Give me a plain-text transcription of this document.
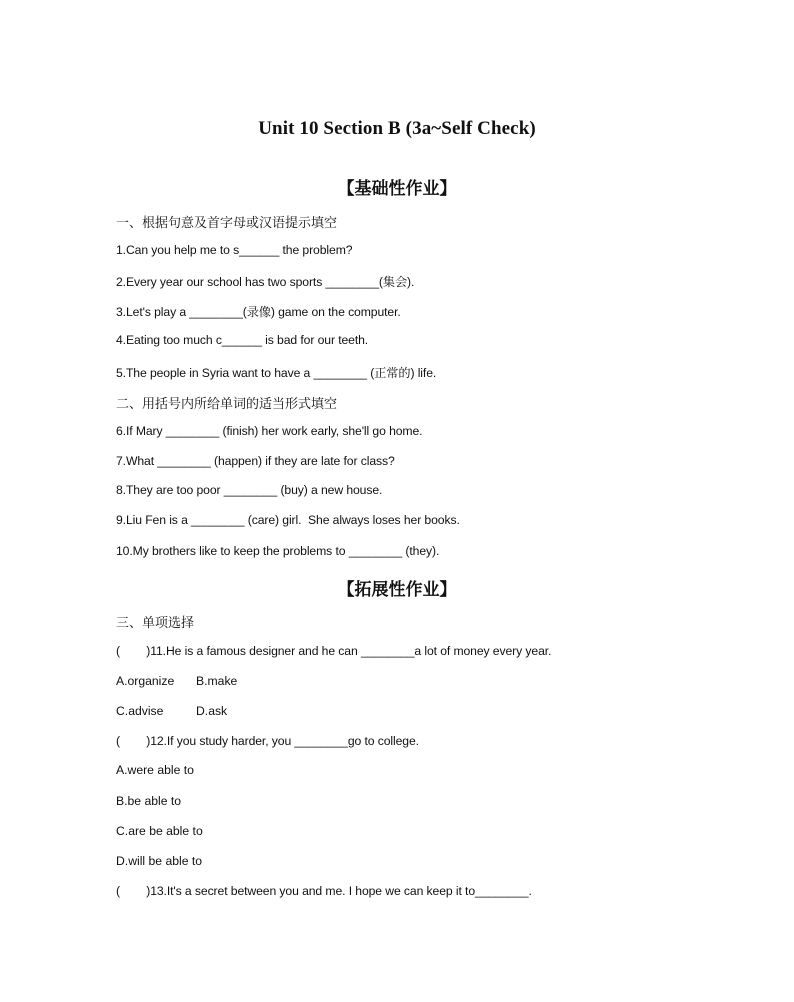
Unit 10 Section B (3a~Self Check)
【基础性作业】
一、根据句意及首字母或汉语提示填空
1.Can you help me to s______ the problem?
2.Every year our school has two sports ________(集会).
3.Let's play a ________(录像) game on the computer.
4.Eating too much c______ is bad for our teeth.
5.The people in Syria want to have a ________ (正常的) life.
二、用括号内所给单词的适当形式填空
6.If Mary ________ (finish) her work early, she'll go home.
7.What ________ (happen) if they are late for class?
8.They are too poor ________ (buy) a new house.
9.Liu Fen is a ________ (care) girl.  She always loses her books.
10.My brothers like to keep the problems to ________ (they).
【拓展性作业】
三、单项选择
(        )11.He is a famous designer and he can ________a lot of money every year.
A.organize B.make
C.advise	D.ask
(        )12.If you study harder, you ________go to college.
A.were able to
B.be able to
C.are be able to
D.will be able to
(        )13.It's a secret between you and me. I hope we can keep it to________.
